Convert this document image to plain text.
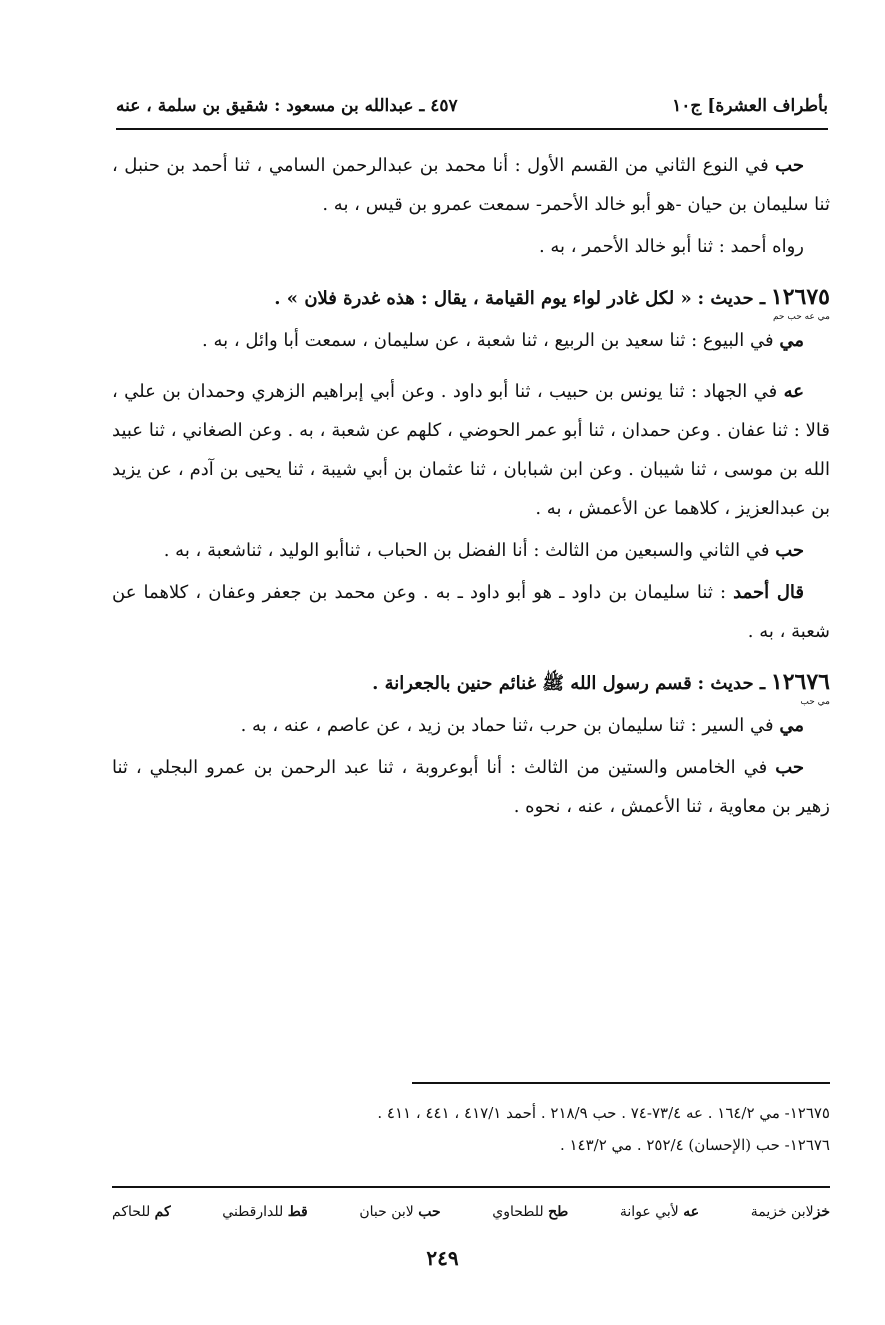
بأطراف العشرة] ج١٠
٤٥٧ ـ عبدالله بن مسعود : شقيق بن سلمة ، عنه

حب في النوع الثاني من القسم الأول : أنا محمد بن عبدالرحمن السامي ، ثنا أحمد بن حنبل ، ثنا سليمان بن حيان -هو أبو خالد الأحمر- سمعت عمرو بن قيس ، به .

رواه أحمد : ثنا أبو خالد الأحمر ، به .

١٢٦٧٥ ـ حديث : « لكل غادر لواء يوم القيامة ، يقال : هذه غدرة فلان » .
مي عه حب حم

مي في البيوع : ثنا سعيد بن الربيع ، ثنا شعبة ، عن سليمان ، سمعت أبا وائل ، به .

عه في الجهاد : ثنا يونس بن حبيب ، ثنا أبو داود . وعن أبي إبراهيم الزهري وحمدان بن علي ، قالا : ثنا عفان . وعن حمدان ، ثنا أبو عمر الحوضي ، كلهم عن شعبة ، به . وعن الصغاني ، ثنا عبيد الله بن موسى ، ثنا شيبان . وعن ابن شبابان ، ثنا عثمان بن أبي شيبة ، ثنا يحيى بن آدم ، عن يزيد بن عبدالعزيز ، كلاهما عن الأعمش ، به .

حب في الثاني والسبعين من الثالث : أنا الفضل بن الحباب ، ثناأبو الوليد ، ثناشعبة ، به .

قال أحمد : ثنا سليمان بن داود ـ هو أبو داود ـ به . وعن محمد بن جعفر وعفان ، كلاهما عن شعبة ، به .

١٢٦٧٦ ـ حديث : قسم رسول الله ﷺ غنائم حنين بالجعرانة .
مي حب

مي في السير : ثنا سليمان بن حرب ،ثنا حماد بن زيد ، عن عاصم ، عنه ، به .

حب في الخامس والستين من الثالث : أنا أبوعروبة ، ثنا عبد الرحمن بن عمرو البجلي ، ثنا زهير بن معاوية ، ثنا الأعمش ، عنه ، نحوه .

١٢٦٧٥- مي ١٦٤/٢ . عه ٧٣/٤-٧٤ . حب ٢١٨/٩ . أحمد ٤١٧/١ ، ٤٤١ ، ٤١١ .
١٢٦٧٦- حب (الإحسان) ٢٥٢/٤ . مي ١٤٣/٢ .
خزلابن خزيمة
عه لأبي عوانة
طح للطحاوي
حب لابن حبان
قط للدارقطني
كم للحاكم
٢٤٩
